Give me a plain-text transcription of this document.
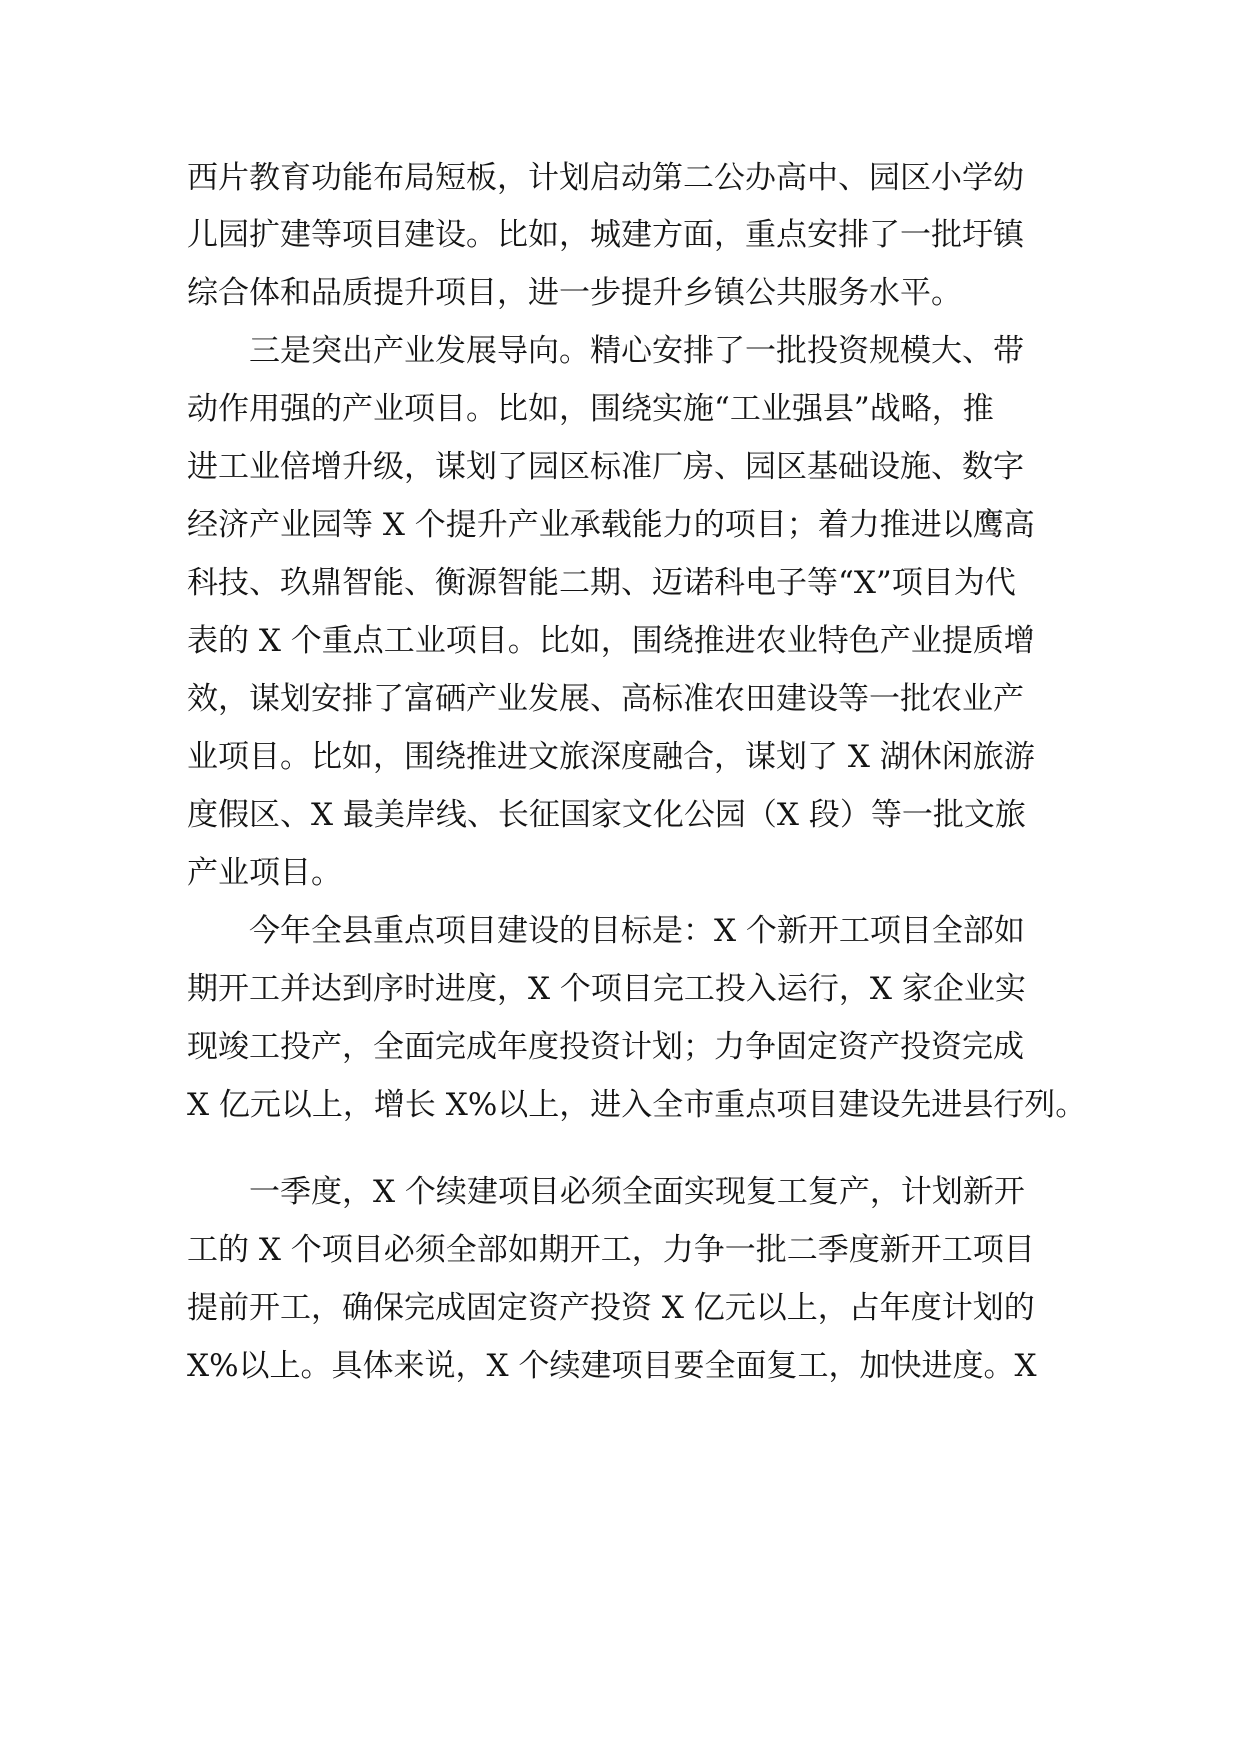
西片教育功能布局短板，计划启动第二公办高中、园区小学幼
儿园扩建等项目建设。比如，城建方面，重点安排了一批圩镇
综合体和品质提升项目，进一步提升乡镇公共服务水平。
三是突出产业发展导向。精心安排了一批投资规模大、带
动作用强的产业项目。比如，围绕实施“工业强县”战略，推
进工业倍增升级，谋划了园区标准厂房、园区基础设施、数字
经济产业园等 X 个提升产业承载能力的项目；着力推进以鹰高
科技、玖鼎智能、衡源智能二期、迈诺科电子等“X”项目为代
表的 X 个重点工业项目。比如，围绕推进农业特色产业提质增
效，谋划安排了富硒产业发展、高标准农田建设等一批农业产
业项目。比如，围绕推进文旅深度融合，谋划了 X 湖休闲旅游
度假区、X 最美岸线、长征国家文化公园（X 段）等一批文旅
产业项目。
今年全县重点项目建设的目标是：X 个新开工项目全部如
期开工并达到序时进度，X 个项目完工投入运行，X 家企业实
现竣工投产，全面完成年度投资计划；力争固定资产投资完成
X 亿元以上，增长 X%以上，进入全市重点项目建设先进县行列。
一季度，X 个续建项目必须全面实现复工复产，计划新开
工的 X 个项目必须全部如期开工，力争一批二季度新开工项目
提前开工，确保完成固定资产投资 X 亿元以上，占年度计划的
X%以上。具体来说，X 个续建项目要全面复工，加快进度。X
